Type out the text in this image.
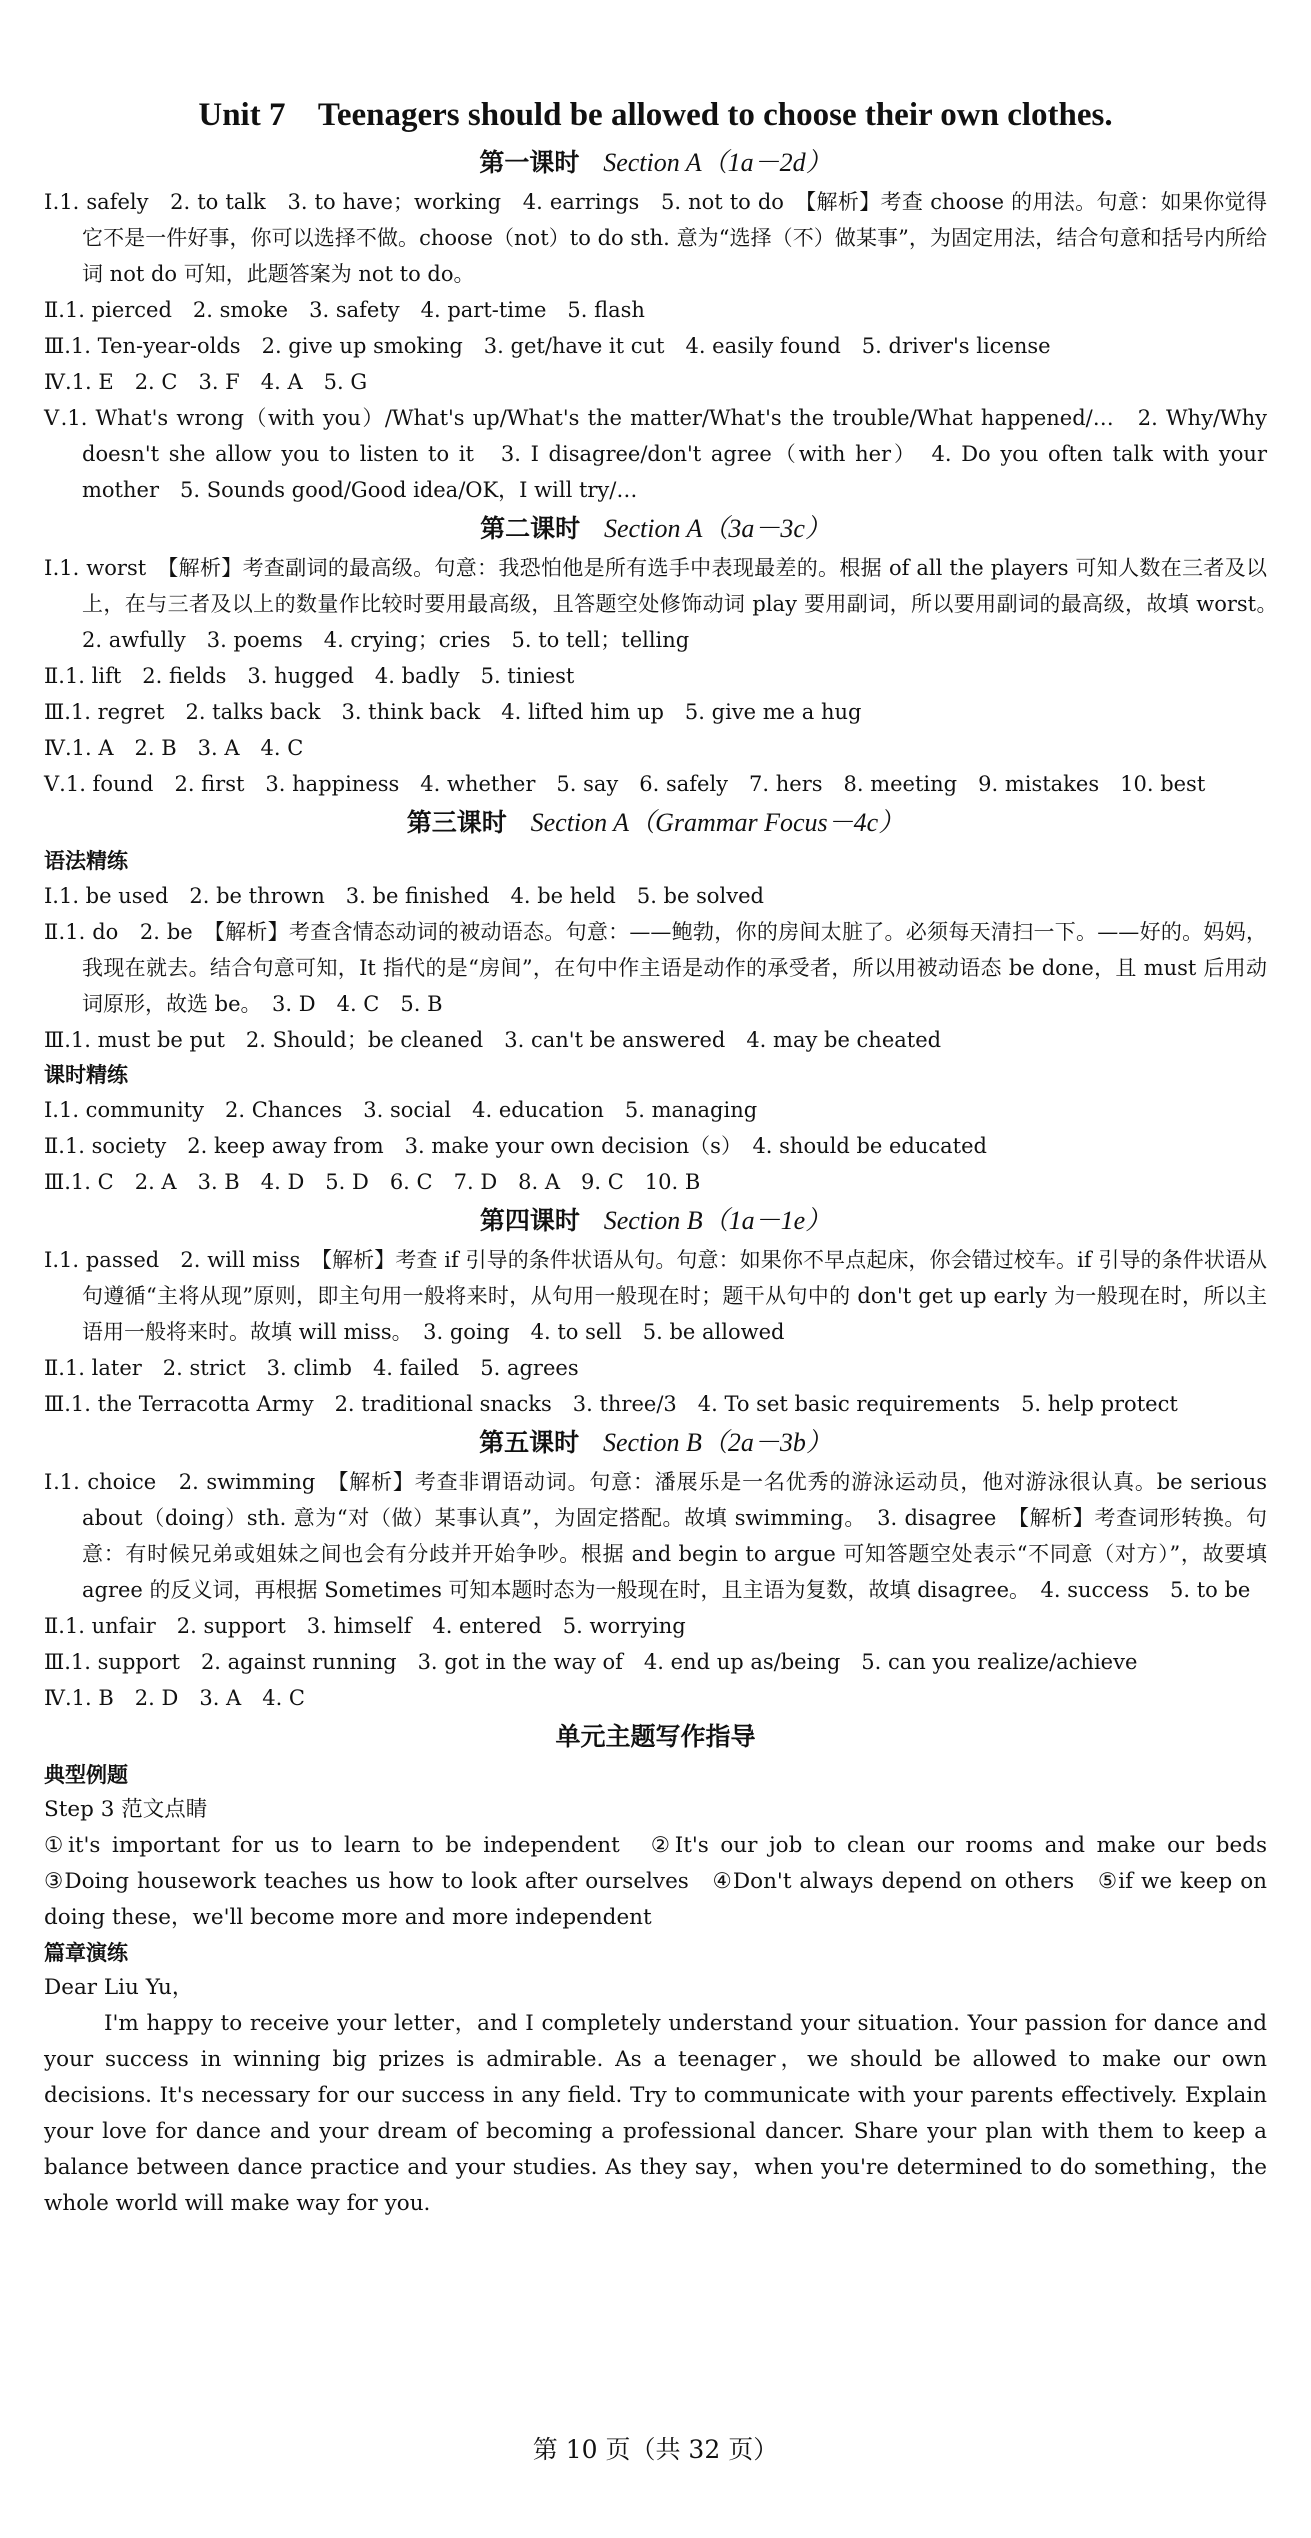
Unit 7    Teenagers should be allowed to choose their own clothes.
第一课时 Section A（1a－2d）

Ⅰ.1. safely　2. to talk　3. to have；working　4. earrings　5. not to do　【解析】考查 choose 的用法。句意：如果你觉得它不是一件好事，你可以选择不做。choose（not）to do sth. 意为“选择（不）做某事”，为固定用法，结合句意和括号内所给词 not do 可知，此题答案为 not to do。

Ⅱ.1. pierced　2. smoke　3. safety　4. part-time　5. flash

Ⅲ.1. Ten-year-olds　2. give up smoking　3. get/have it cut　4. easily found　5. driver's license

Ⅳ.1. E　2. C　3. F　4. A　5. G

Ⅴ.1. What's wrong（with you）/What's up/What's the matter/What's the trouble/What happened/…　2. Why/Why doesn't she allow you to listen to it　3. I disagree/don't agree（with her）　4. Do you often talk with your mother　5. Sounds good/Good idea/OK，I will try/…

第二课时 Section A（3a－3c）

Ⅰ.1. worst　【解析】考查副词的最高级。句意：我恐怕他是所有选手中表现最差的。根据 of all the players 可知人数在三者及以上，在与三者及以上的数量作比较时要用最高级，且答题空处修饰动词 play 要用副词，所以要用副词的最高级，故填 worst。　2. awfully　3. poems　4. crying；cries　5. to tell；telling

Ⅱ.1. lift　2. fields　3. hugged　4. badly　5. tiniest

Ⅲ.1. regret　2. talks back　3. think back　4. lifted him up　5. give me a hug

Ⅳ.1. A　2. B　3. A　4. C

Ⅴ.1. found　2. first　3. happiness　4. whether　5. say　6. safely　7. hers　8. meeting　9. mistakes　10. best

第三课时 Section A（Grammar Focus－4c）

语法精练

Ⅰ.1. be used　2. be thrown　3. be finished　4. be held　5. be solved

Ⅱ.1. do　2. be　【解析】考查含情态动词的被动语态。句意：——鲍勃，你的房间太脏了。必须每天清扫一下。——好的。妈妈，我现在就去。结合句意可知，It 指代的是“房间”，在句中作主语是动作的承受者，所以用被动语态 be done，且 must 后用动词原形，故选 be。　3. D　4. C　5. B

Ⅲ.1. must be put　2. Should；be cleaned　3. can't be answered　4. may be cheated

课时精练

Ⅰ.1. community　2. Chances　3. social　4. education　5. managing

Ⅱ.1. society　2. keep away from　3. make your own decision（s）　4. should be educated

Ⅲ.1. C　2. A　3. B　4. D　5. D　6. C　7. D　8. A　9. C　10. B

第四课时 Section B（1a－1e）

Ⅰ.1. passed　2. will miss　【解析】考查 if 引导的条件状语从句。句意：如果你不早点起床，你会错过校车。if 引导的条件状语从句遵循“主将从现”原则，即主句用一般将来时，从句用一般现在时；题干从句中的 don't get up early 为一般现在时，所以主语用一般将来时。故填 will miss。　3. going　4. to sell　5. be allowed

Ⅱ.1. later　2. strict　3. climb　4. failed　5. agrees

Ⅲ.1. the Terracotta Army　2. traditional snacks　3. three/3　4. To set basic requirements　5. help protect

第五课时 Section B（2a－3b）

Ⅰ.1. choice　2. swimming　【解析】考查非谓语动词。句意：潘展乐是一名优秀的游泳运动员，他对游泳很认真。be serious about（doing）sth. 意为“对（做）某事认真”，为固定搭配。故填 swimming。　3. disagree　【解析】考查词形转换。句意：有时候兄弟或姐妹之间也会有分歧并开始争吵。根据 and begin to argue 可知答题空处表示“不同意（对方）”，故要填 agree 的反义词，再根据 Sometimes 可知本题时态为一般现在时，且主语为复数，故填 disagree。　4. success　5. to be

Ⅱ.1. unfair　2. support　3. himself　4. entered　5. worrying

Ⅲ.1. support　2. against running　3. got in the way of　4. end up as/being　5. can you realize/achieve

Ⅳ.1. B　2. D　3. A　4. C

单元主题写作指导

典型例题

Step 3 范文点睛

①it's important for us to learn to be independent　②It's our job to clean our rooms and make our beds　③Doing housework teaches us how to look after ourselves　④Don't always depend on others　⑤if we keep on doing these，we'll become more and more independent

篇章演练

Dear Liu Yu，

I'm happy to receive your letter，and I completely understand your situation. Your passion for dance and your success in winning big prizes is admirable. As a teenager，we should be allowed to make our own decisions. It's necessary for our success in any field. Try to communicate with your parents effectively. Explain your love for dance and your dream of becoming a professional dancer. Share your plan with them to keep a balance between dance practice and your studies. As they say，when you're determined to do something，the whole world will make way for you.

第 10 页（共 32 页）
